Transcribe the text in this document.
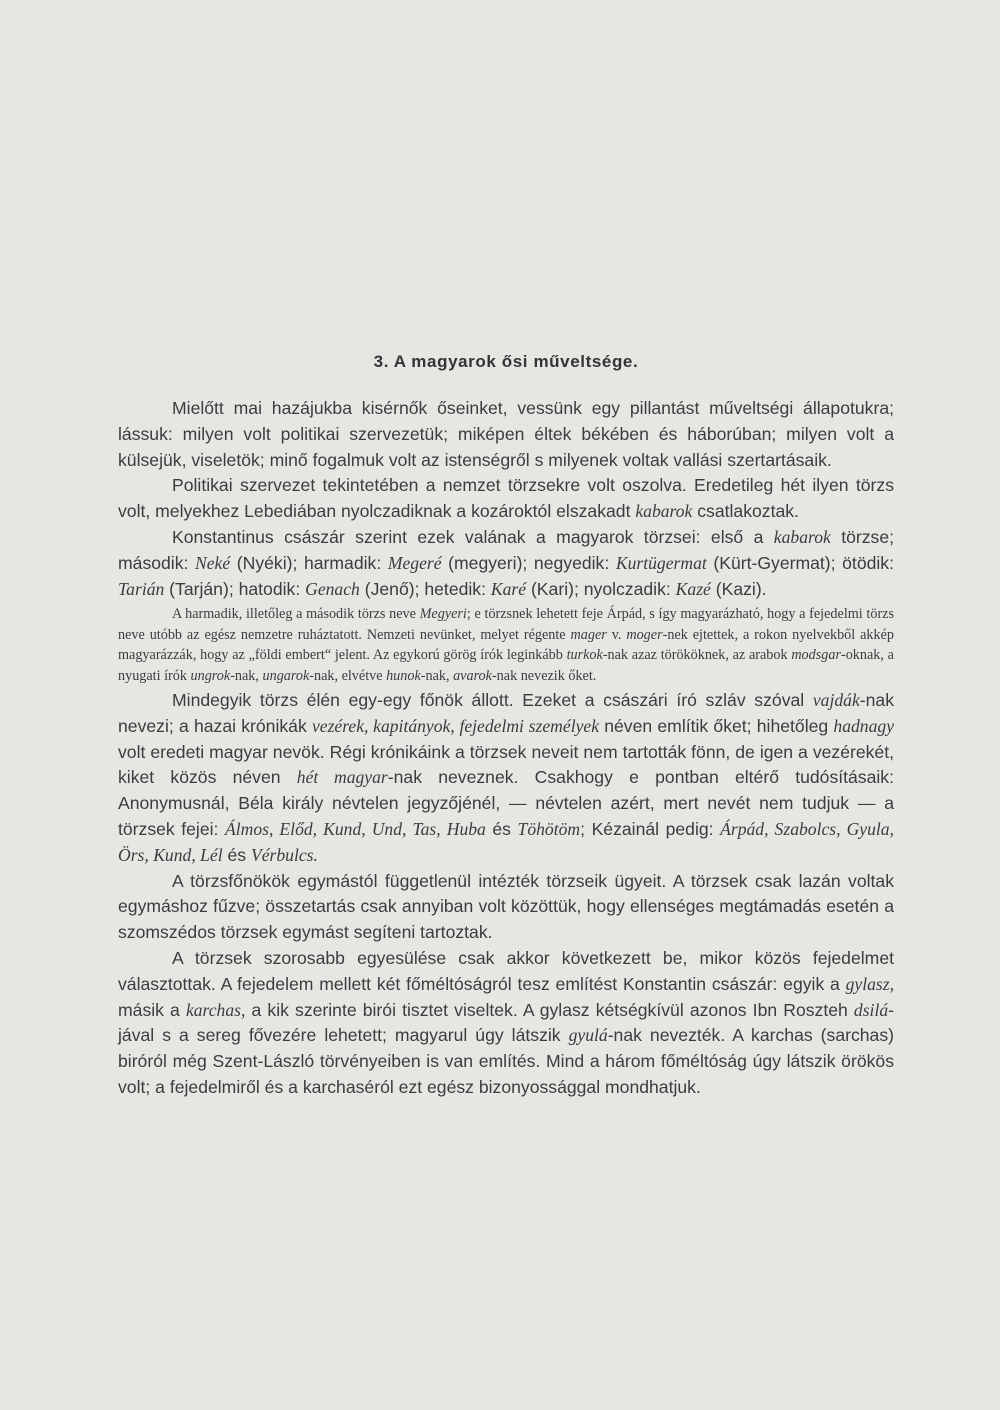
3. A magyarok ősi műveltsége.

Mielőtt mai hazájukba kisérnők őseinket, vessünk egy pillantást műveltségi állapotukra; lássuk: milyen volt politikai szervezetük; miképen éltek békében és háborúban; milyen volt a külsejük, viseletök; minő fogalmuk volt az istenségről s milyenek voltak vallási szertartásaik.

Politikai szervezet tekintetében a nemzet törzsekre volt oszolva. Eredetileg hét ilyen törzs volt, melyekhez Lebediában nyolczadiknak a kozároktól elszakadt kabarok csatlakoztak.

Konstantinus császár szerint ezek valának a magyarok törzsei: első a kabarok törzse; második: Neké (Nyéki); harmadik: Megeré (megyeri); negyedik: Kurtügermat (Kürt-Gyermat); ötödik: Tarián (Tarján); hatodik: Genach (Jenő); hetedik: Karé (Kari); nyolczadik: Kazé (Kazi).

A harmadik, illetőleg a második törzs neve Megyeri; e törzsnek lehetett feje Árpád, s így magyarázható, hogy a fejedelmi törzs neve utóbb az egész nemzetre ruháztatott. Nemzeti nevünket, melyet régente mager v. moger-nek ejtettek, a rokon nyelvekből akkép magyarázzák, hogy az „földi embert“ jelent. Az egykorú görög írók leginkább turkok-nak azaz törököknek, az arabok modsgar-oknak, a nyugati írók ungrok-nak, ungarok-nak, elvétve hunok-nak, avarok-nak nevezik őket.

Mindegyik törzs élén egy-egy főnök állott. Ezeket a császári író szláv szóval vajdák-nak nevezi; a hazai krónikák vezérek, kapitányok, fejedelmi személyek néven említik őket; hihetőleg hadnagy volt eredeti magyar nevök. Régi krónikáink a törzsek neveit nem tartották fönn, de igen a vezérekét, kiket közös néven hét magyar-nak neveznek. Csakhogy e pontban eltérő tudósításaik: Anonymusnál, Béla király névtelen jegyzőjénél, — névtelen azért, mert nevét nem tudjuk — a törzsek fejei: Álmos, Előd, Kund, Und, Tas, Huba és Töhötöm; Kézainál pedig: Árpád, Szabolcs, Gyula, Örs, Kund, Lél és Vérbulcs.

A törzsfőnökök egymástól függetlenül intézték törzseik ügyeit. A törzsek csak lazán voltak egymáshoz fűzve; összetartás csak annyiban volt közöttük, hogy ellenséges megtámadás esetén a szomszédos törzsek egymást segíteni tartoztak.

A törzsek szorosabb egyesülése csak akkor következett be, mikor közös fejedelmet választottak. A fejedelem mellett két főméltóságról tesz említést Konstantin császár: egyik a gylasz, másik a karchas, a kik szerinte birói tisztet viseltek. A gylasz kétségkívül azonos Ibn Roszteh dsilá-jával s a sereg fővezére lehetett; magyarul úgy látszik gyulá-nak nevezték. A karchas (sarchas) biróról még Szent-László törvényeiben is van említés. Mind a három főméltóság úgy látszik örökös volt; a fejedelmiről és a karchaséról ezt egész bizonyossággal mondhatjuk.
